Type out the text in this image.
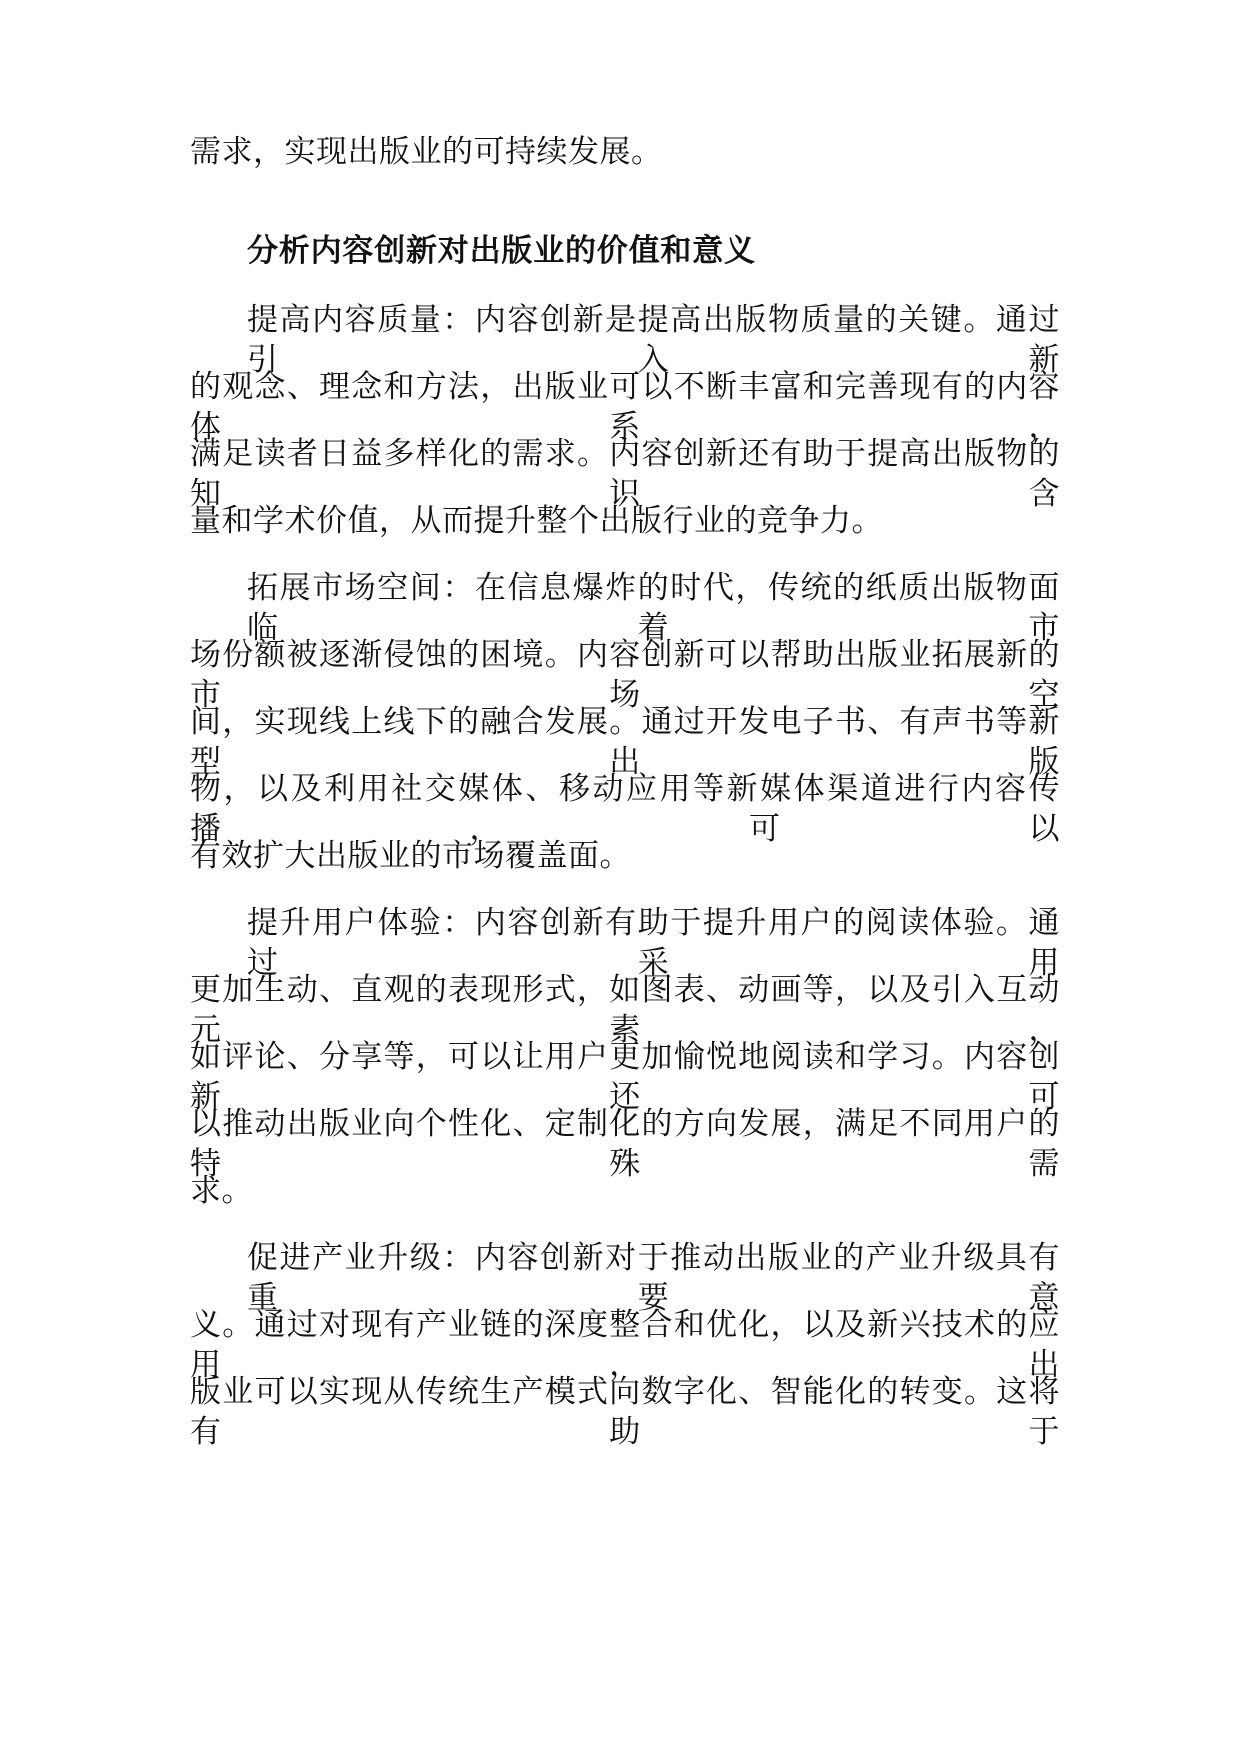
需求，实现出版业的可持续发展。
分析内容创新对出版业的价值和意义
提高内容质量：内容创新是提高出版物质量的关键。通过引入新
的观念、理念和方法，出版业可以不断丰富和完善现有的内容体系，
满足读者日益多样化的需求。内容创新还有助于提高出版物的知识含
量和学术价值，从而提升整个出版行业的竞争力。
拓展市场空间：在信息爆炸的时代，传统的纸质出版物面临着市
场份额被逐渐侵蚀的困境。内容创新可以帮助出版业拓展新的市场空
间，实现线上线下的融合发展。通过开发电子书、有声书等新型出版
物，以及利用社交媒体、移动应用等新媒体渠道进行内容传播，可以
有效扩大出版业的市场覆盖面。
提升用户体验：内容创新有助于提升用户的阅读体验。通过采用
更加生动、直观的表现形式，如图表、动画等，以及引入互动元素，
如评论、分享等，可以让用户更加愉悦地阅读和学习。内容创新还可
以推动出版业向个性化、定制化的方向发展，满足不同用户的特殊需
求。
促进产业升级：内容创新对于推动出版业的产业升级具有重要意
义。通过对现有产业链的深度整合和优化，以及新兴技术的应用，出
版业可以实现从传统生产模式向数字化、智能化的转变。这将有助于
